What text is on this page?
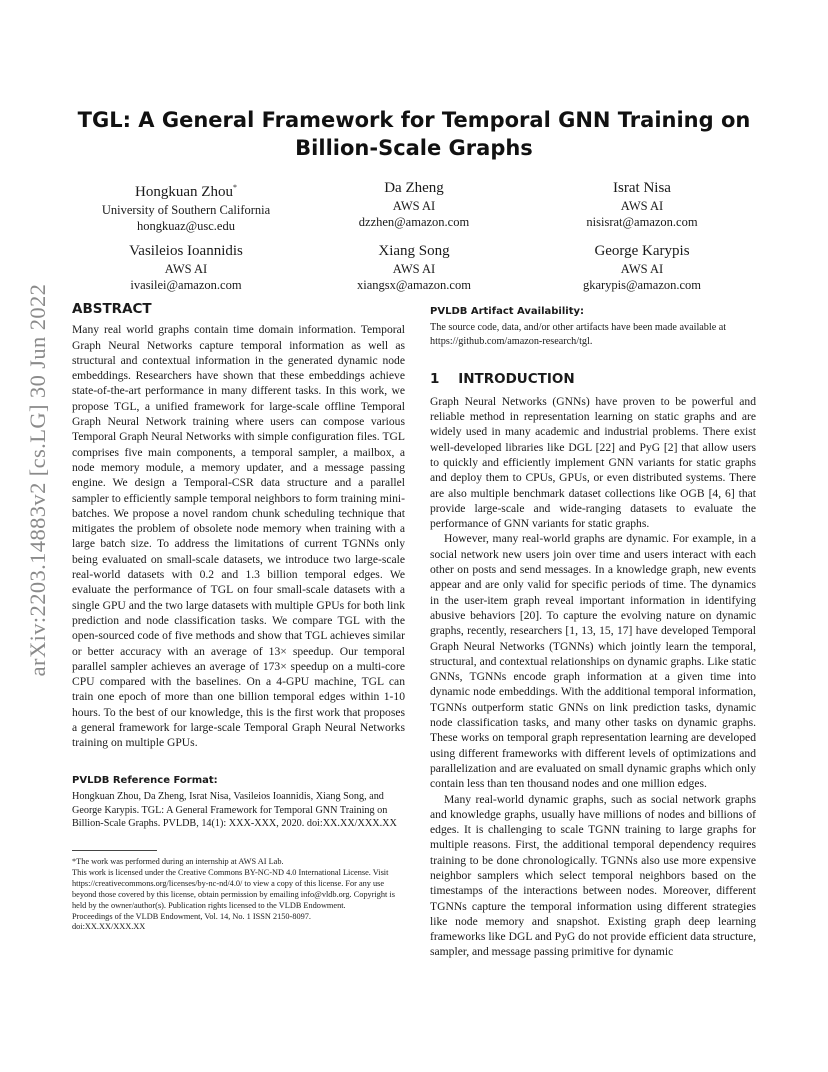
arXiv:2203.14883v2 [cs.LG] 30 Jun 2022
TGL: A General Framework for Temporal GNN Training on
Billion-Scale Graphs
Hongkuan Zhou*
University of Southern California
hongkuaz@usc.edu
Da Zheng
AWS AI
dzzhen@amazon.com
Israt Nisa
AWS AI
nisisrat@amazon.com
Vasileios Ioannidis
AWS AI
ivasilei@amazon.com
Xiang Song
AWS AI
xiangsx@amazon.com
George Karypis
AWS AI
gkarypis@amazon.com
ABSTRACT

Many real world graphs contain time domain information. Temporal Graph Neural Networks capture temporal information as well as structural and contextual information in the generated dynamic node embeddings. Researchers have shown that these embeddings achieve state-of-the-art performance in many different tasks. In this work, we propose TGL, a unified framework for large-scale offline Temporal Graph Neural Network training where users can compose various Temporal Graph Neural Networks with simple configuration files. TGL comprises five main components, a temporal sampler, a mailbox, a node memory module, a memory updater, and a message passing engine. We design a Temporal-CSR data structure and a parallel sampler to efficiently sample temporal neighbors to form training mini-batches. We propose a novel random chunk scheduling technique that mitigates the problem of obsolete node memory when training with a large batch size. To address the limitations of current TGNNs only being evaluated on small-scale datasets, we introduce two large-scale real-world datasets with 0.2 and 1.3 billion temporal edges. We evaluate the performance of TGL on four small-scale datasets with a single GPU and the two large datasets with multiple GPUs for both link prediction and node classification tasks. We compare TGL with the open-sourced code of five methods and show that TGL achieves similar or better accuracy with an average of 13× speedup. Our temporal parallel sampler achieves an average of 173× speedup on a multi-core CPU compared with the baselines. On a 4-GPU machine, TGL can train one epoch of more than one billion temporal edges within 1-10 hours. To the best of our knowledge, this is the first work that proposes a general framework for large-scale Temporal Graph Neural Networks training on multiple GPUs.

PVLDB Reference Format:

Hongkuan Zhou, Da Zheng, Israt Nisa, Vasileios Ioannidis, Xiang Song, and George Karypis. TGL: A General Framework for Temporal GNN Training on Billion-Scale Graphs. PVLDB, 14(1): XXX-XXX, 2020. doi:XX.XX/XXX.XX

*The work was performed during an internship at AWS AI Lab.
This work is licensed under the Creative Commons BY-NC-ND 4.0 International License. Visit https://creativecommons.org/licenses/by-nc-nd/4.0/ to view a copy of this license. For any use beyond those covered by this license, obtain permission by emailing info@vldb.org. Copyright is held by the owner/author(s). Publication rights licensed to the VLDB Endowment.
Proceedings of the VLDB Endowment, Vol. 14, No. 1 ISSN 2150-8097.
doi:XX.XX/XXX.XX
PVLDB Artifact Availability:

The source code, data, and/or other artifacts have been made available at https://github.com/amazon-research/tgl.

1    INTRODUCTION

Graph Neural Networks (GNNs) have proven to be powerful and reliable method in representation learning on static graphs and are widely used in many academic and industrial problems. There exist well-developed libraries like DGL [22] and PyG [2] that allow users to quickly and efficiently implement GNN variants for static graphs and deploy them to CPUs, GPUs, or even distributed systems. There are also multiple benchmark dataset collections like OGB [4, 6] that provide large-scale and wide-ranging datasets to evaluate the performance of GNN variants for static graphs.

However, many real-world graphs are dynamic. For example, in a social network new users join over time and users interact with each other on posts and send messages. In a knowledge graph, new events appear and are only valid for specific periods of time. The dynamics in the user-item graph reveal important information in identifying abusive behaviors [20]. To capture the evolving nature on dynamic graphs, recently, researchers [1, 13, 15, 17] have developed Temporal Graph Neural Networks (TGNNs) which jointly learn the temporal, structural, and contextual relationships on dynamic graphs. Like static GNNs, TGNNs encode graph information at a given time into dynamic node embeddings. With the additional temporal information, TGNNs outperform static GNNs on link prediction tasks, dynamic node classification tasks, and many other tasks on dynamic graphs. These works on temporal graph representation learning are developed using different frameworks with different levels of optimizations and parallelization and are evaluated on small dynamic graphs which only contain less than ten thousand nodes and one million edges.

Many real-world dynamic graphs, such as social network graphs and knowledge graphs, usually have millions of nodes and billions of edges. It is challenging to scale TGNN training to large graphs for multiple reasons. First, the additional temporal dependency requires training to be done chronologically. TGNNs also use more expensive neighbor samplers which select temporal neighbors based on the timestamps of the interactions between nodes. Moreover, different TGNNs capture the temporal information using different strategies like node memory and snapshot. Existing graph deep learning frameworks like DGL and PyG do not provide efficient data structure, sampler, and message passing primitive for dynamic
